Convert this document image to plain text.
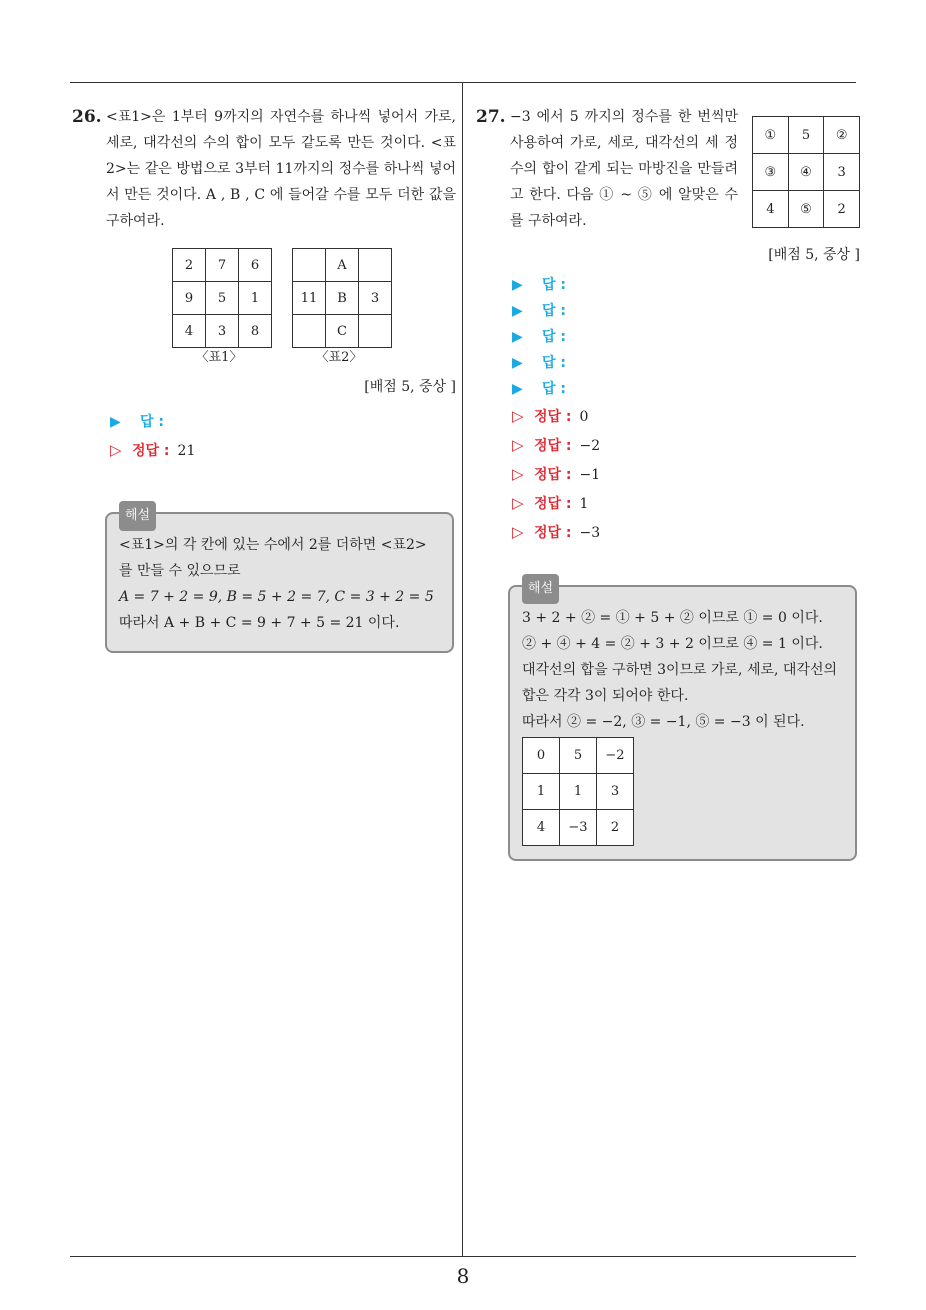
8
26. <표1>은 1부터 9까지의 자연수를 하나씩 넣어서 가로, 세로, 대각선의 수의 합이 모두 같도록 만든 것이다. <표2>는 같은 방법으로 3부터 11까지의 정수를 하나씩 넣어서 만든 것이다. A , B , C 에 들어갈 수를 모두 더한 값을 구하여라.
2	7	6
9	5	1
4	3	8
〈표1〉
	A	
11	B	3
	C	
〈표2〉
[배점 5, 중상 ]
▶ 답 :
▷ 정답 : 21
해설
<표1>의 각 칸에 있는 수에서 2를 더하면 <표2>를 만들 수 있으므로
A = 7 + 2 = 9, B = 5 + 2 = 7, C = 3 + 2 = 5
따라서 A + B + C = 9 + 7 + 5 = 21 이다.
27. −3 에서 5 까지의 정수를 한 번씩만 사용하여 가로, 세로, 대각선의 세 정수의 합이 같게 되는 마방진을 만들려고 한다. 다음 ① ~ ⑤ 에 알맞은 수를 구하여라.
①	5	②
③	④	3
4	⑤	2
[배점 5, 중상 ]
▶ 답 :
▶ 답 :
▶ 답 :
▶ 답 :
▶ 답 :
▷ 정답 : 0
▷ 정답 : −2
▷ 정답 : −1
▷ 정답 : 1
▷ 정답 : −3
해설
3 + 2 + ② = ① + 5 + ② 이므로 ① = 0 이다.
② + ④ + 4 = ② + 3 + 2 이므로 ④ = 1 이다.
대각선의 합을 구하면 3이므로 가로, 세로, 대각선의 합은 각각 3이 되어야 한다.
따라서 ② = −2, ③ = −1, ⑤ = −3 이 된다.
0	5	−2
1	1	3
4	−3	2
